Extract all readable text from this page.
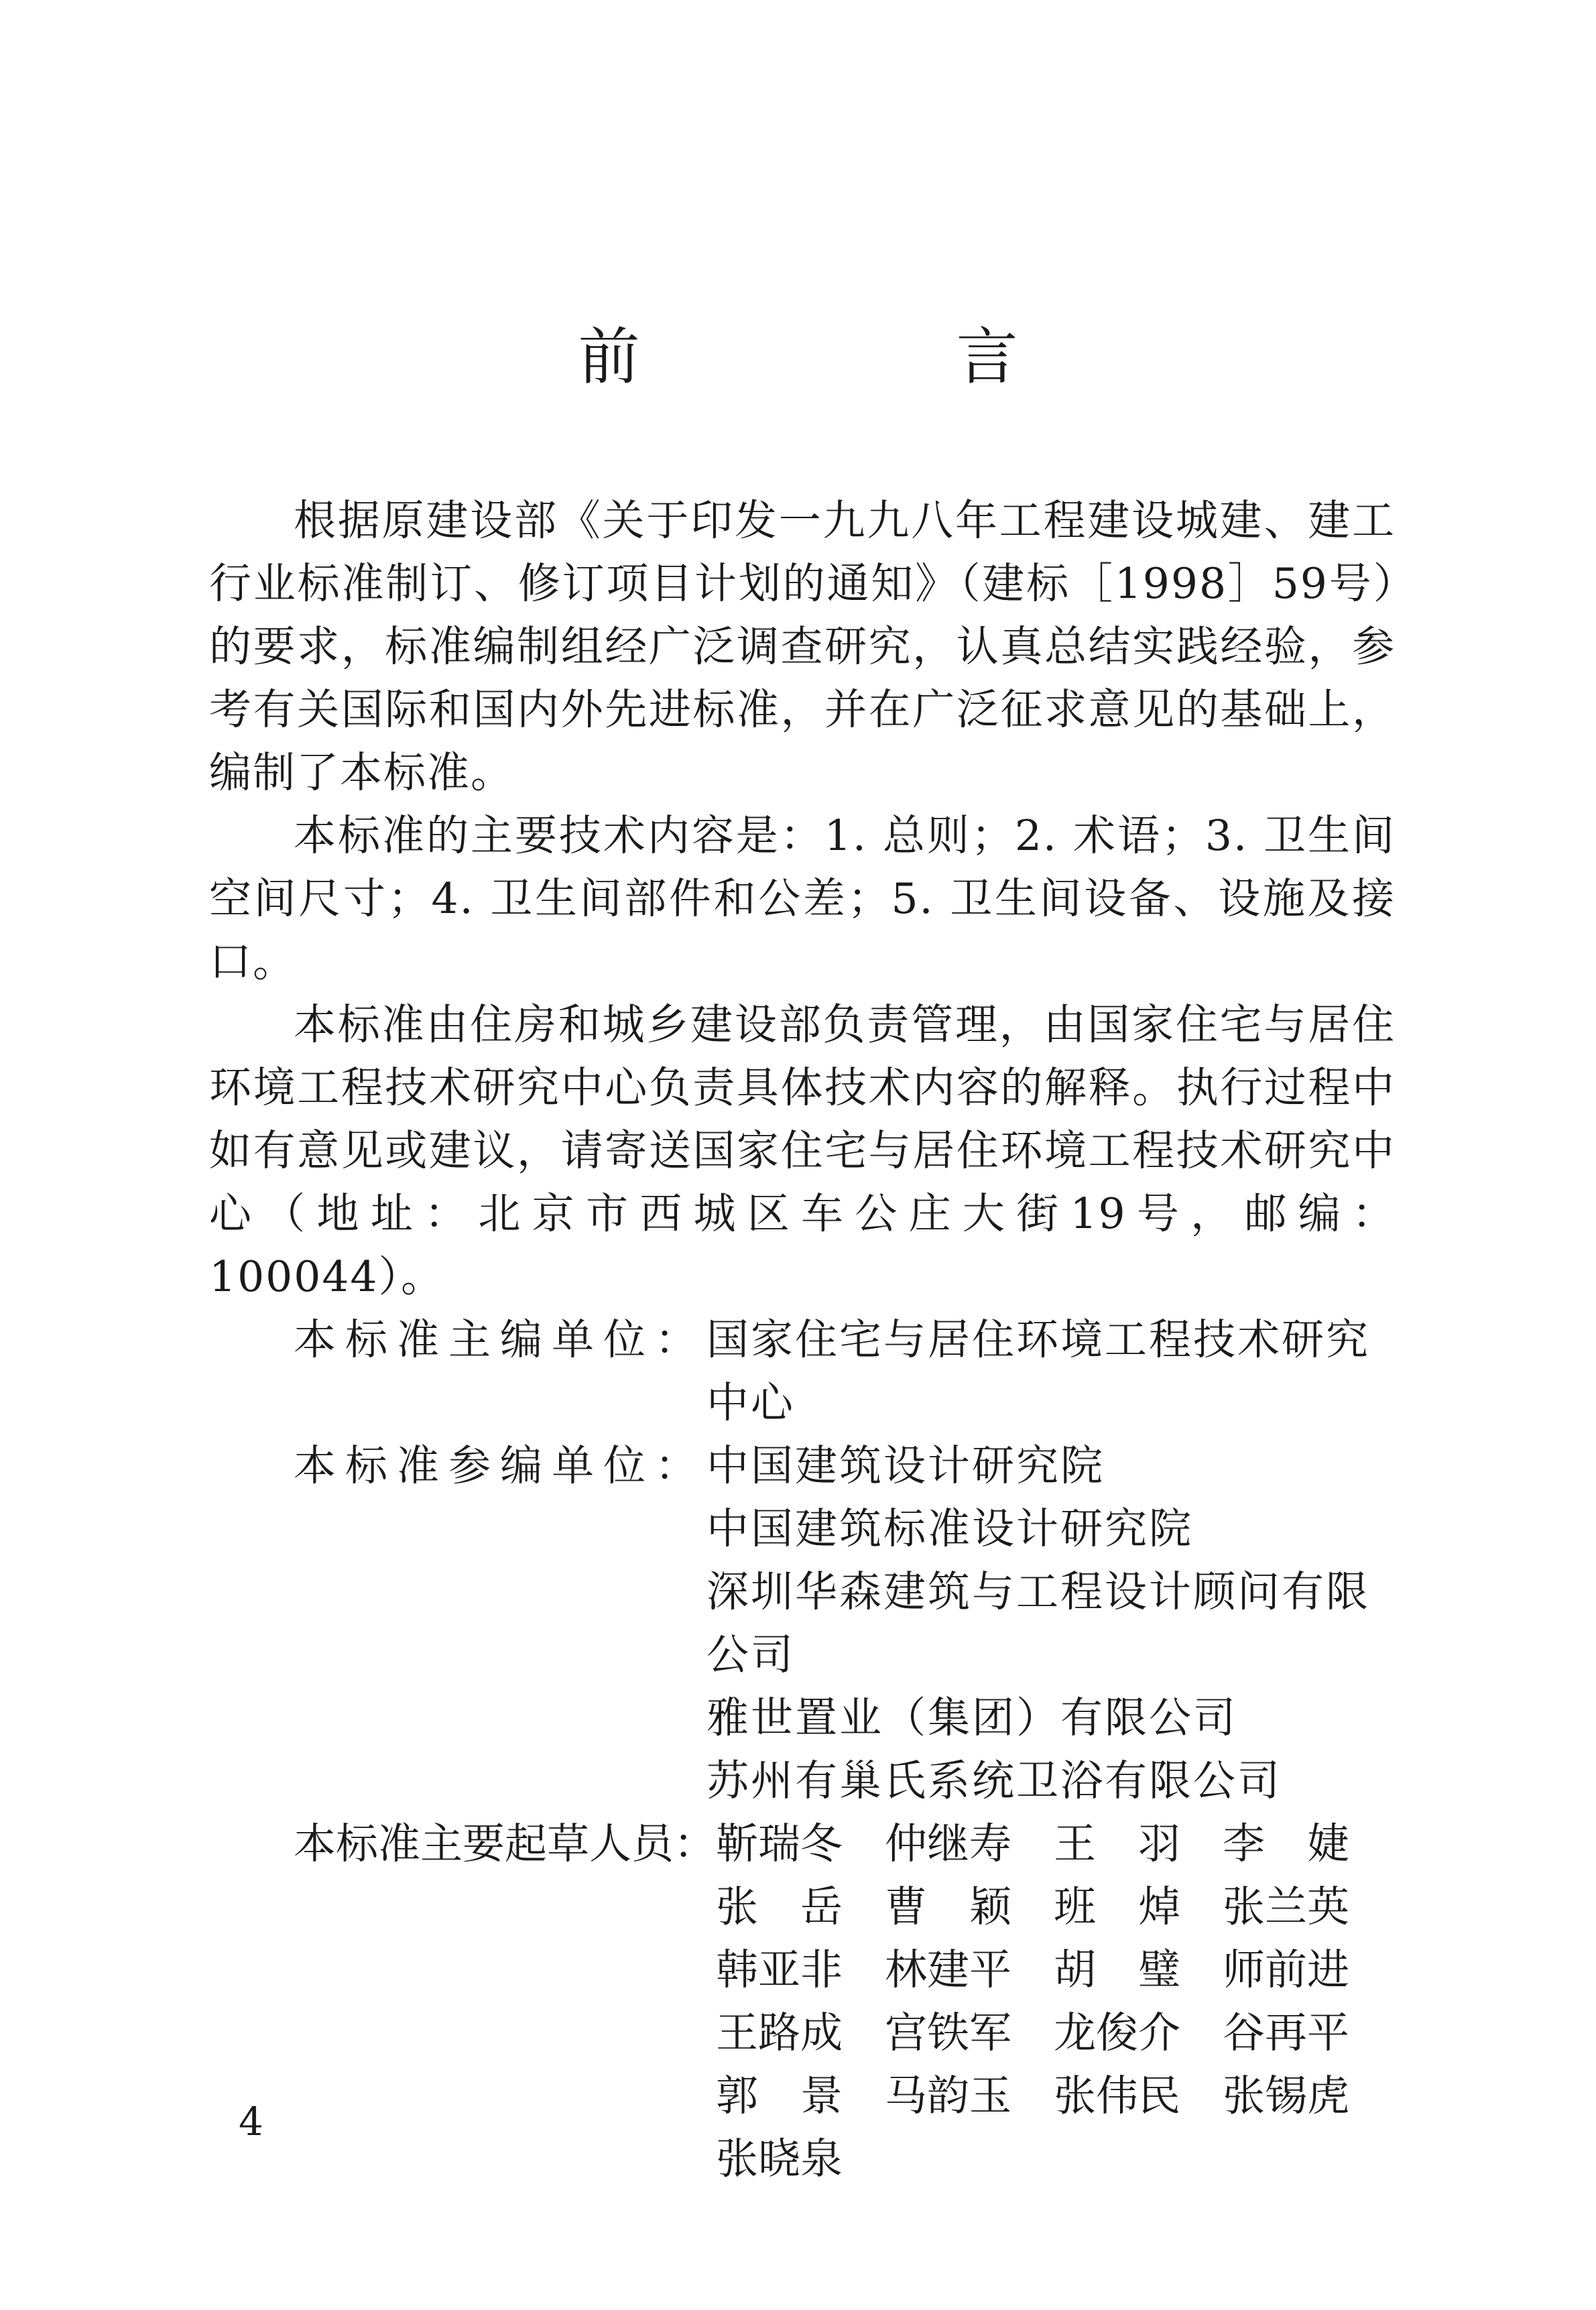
前　言

根据原建设部《关于印发一九九八年工程建设城建、建工行业标准制订、修订项目计划的通知》（建标［1998］59号）的要求，标准编制组经广泛调查研究，认真总结实践经验，参考有关国际和国内外先进标准，并在广泛征求意见的基础上，编制了本标准。

本标准的主要技术内容是：1. 总则；2. 术语；3. 卫生间空间尺寸；4. 卫生间部件和公差；5. 卫生间设备、设施及接口。

本标准由住房和城乡建设部负责管理，由国家住宅与居住环境工程技术研究中心负责具体技术内容的解释。执行过程中如有意见或建议，请寄送国家住宅与居住环境工程技术研究中心（地址：北京市西城区车公庄大街19号，邮编：100044）。

本标准主编单位： 国家住宅与居住环境工程技术研究
中心
本标准参编单位： 中国建筑设计研究院
中国建筑标准设计研究院
深圳华森建筑与工程设计顾问有限
公司
雅世置业（集团）有限公司
苏州有巢氏系统卫浴有限公司
本标准主要起草人员： 靳瑞冬	仲继寿	王　羽	李　婕
张　岳	曹　颖	班　焯	张兰英
韩亚非	林建平	胡　璧	师前进
王路成	宫铁军	龙俊介	谷再平
郭　景	马韵玉	张伟民	张锡虎
张晓泉
4
